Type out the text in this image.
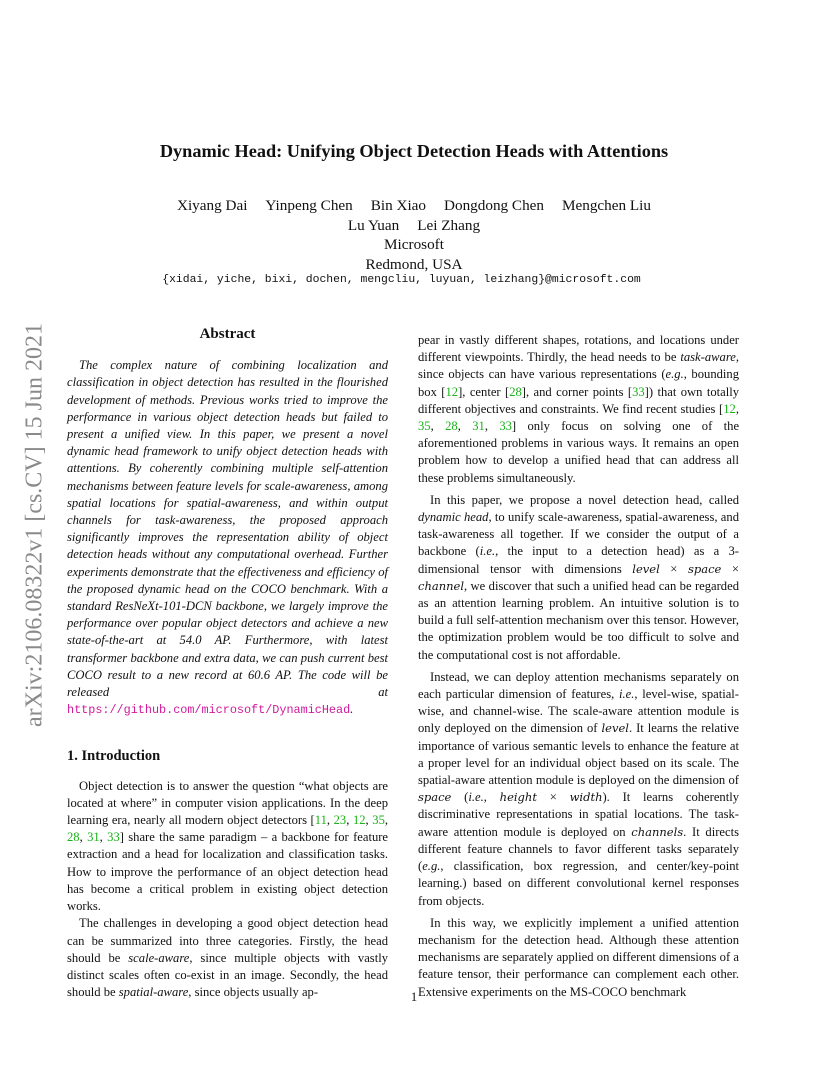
arXiv:2106.08322v1 [cs.CV] 15 Jun 2021
Dynamic Head: Unifying Object Detection Heads with Attentions
Xiyang Dai Yinpeng Chen Bin Xiao Dongdong Chen Mengchen Liu
Lu Yuan Lei Zhang
Microsoft
Redmond, USA
{xidai, yiche, bixi, dochen, mengcliu, luyuan, leizhang}@microsoft.com
Abstract

The complex nature of combining localization and classification in object detection has resulted in the flourished development of methods. Previous works tried to improve the performance in various object detection heads but failed to present a unified view. In this paper, we present a novel dynamic head framework to unify object detection heads with attentions. By coherently combining multiple self-attention mechanisms between feature levels for scale-awareness, among spatial locations for spatial-awareness, and within output channels for task-awareness, the proposed approach significantly improves the representation ability of object detection heads without any computational overhead. Further experiments demonstrate that the effectiveness and efficiency of the proposed dynamic head on the COCO benchmark. With a standard ResNeXt-101-DCN backbone, we largely improve the performance over popular object detectors and achieve a new state-of-the-art at 54.0 AP. Furthermore, with latest transformer backbone and extra data, we can push current best COCO result to a new record at 60.6 AP. The code will be released at https://github.com/microsoft/DynamicHead.

1. Introduction

Object detection is to answer the question “what objects are located at where” in computer vision applications. In the deep learning era, nearly all modern object detectors [11, 23, 12, 35, 28, 31, 33] share the same paradigm – a backbone for feature extraction and a head for localization and classification tasks. How to improve the performance of an object detection head has become a critical problem in existing object detection works.

The challenges in developing a good object detection head can be summarized into three categories. Firstly, the head should be scale-aware, since multiple objects with vastly distinct scales often co-exist in an image. Secondly, the head should be spatial-aware, since objects usually ap-

pear in vastly different shapes, rotations, and locations under different viewpoints. Thirdly, the head needs to be task-aware, since objects can have various representations (e.g., bounding box [12], center [28], and corner points [33]) that own totally different objectives and constraints. We find recent studies [12, 35, 28, 31, 33] only focus on solving one of the aforementioned problems in various ways. It remains an open problem how to develop a unified head that can address all these problems simultaneously.

In this paper, we propose a novel detection head, called dynamic head, to unify scale-awareness, spatial-awareness, and task-awareness all together. If we consider the output of a backbone (i.e., the input to a detection head) as a 3-dimensional tensor with dimensions level × space × channel, we discover that such a unified head can be regarded as an attention learning problem. An intuitive solution is to build a full self-attention mechanism over this tensor. However, the optimization problem would be too difficult to solve and the computational cost is not affordable.

Instead, we can deploy attention mechanisms separately on each particular dimension of features, i.e., level-wise, spatial-wise, and channel-wise. The scale-aware attention module is only deployed on the dimension of level. It learns the relative importance of various semantic levels to enhance the feature at a proper level for an individual object based on its scale. The spatial-aware attention module is deployed on the dimension of space (i.e., height × width). It learns coherently discriminative representations in spatial locations. The task-aware attention module is deployed on channels. It directs different feature channels to favor different tasks separately (e.g., classification, box regression, and center/key-point learning.) based on different convolutional kernel responses from objects.

In this way, we explicitly implement a unified attention mechanism for the detection head. Although these attention mechanisms are separately applied on different dimensions of a feature tensor, their performance can complement each other. Extensive experiments on the MS-COCO benchmark

1
